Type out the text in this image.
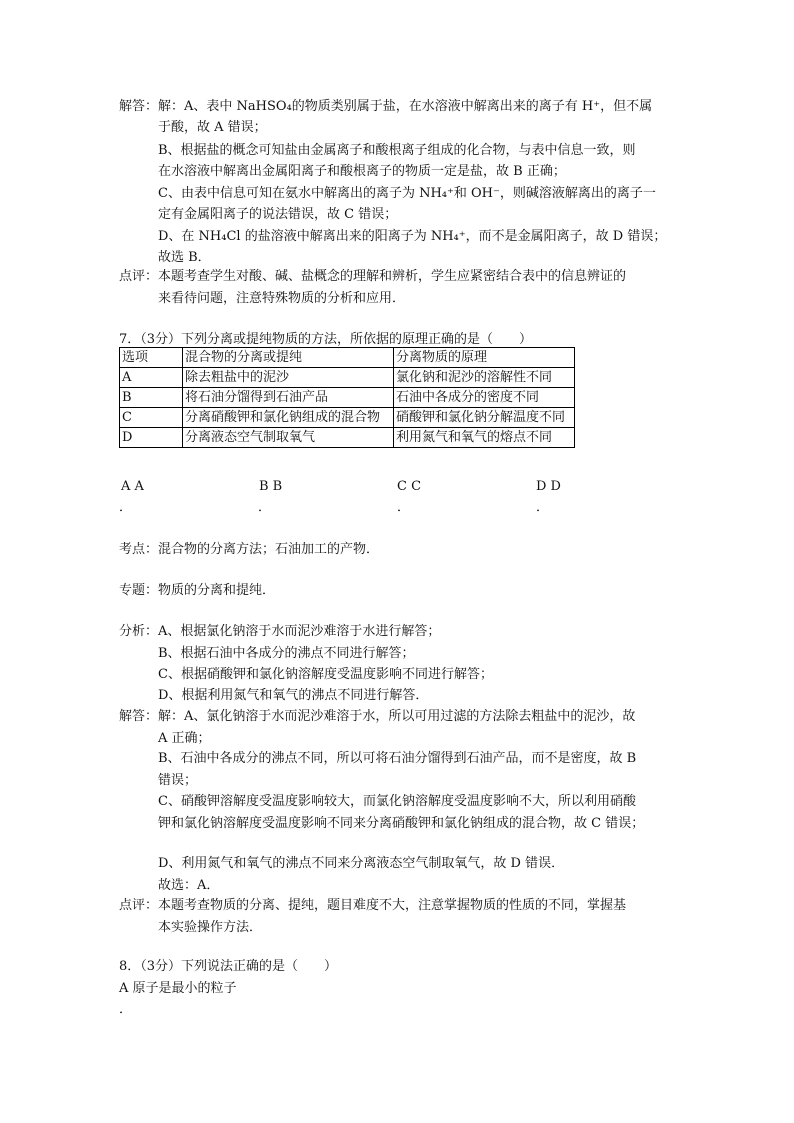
解答： 解：A、表中 NaHSO₄的物质类别属于盐，在水溶液中解离出来的离子有 H⁺，但不属
于酸，故 A 错误；
B、根据盐的概念可知盐由金属离子和酸根离子组成的化合物，与表中信息一致，则
在水溶液中解离出金属阳离子和酸根离子的物质一定是盐，故 B 正确；
C、由表中信息可知在氨水中解离出的离子为 NH₄⁺和 OH⁻，则碱溶液解离出的离子一
定有金属阳离子的说法错误，故 C 错误；
D、在 NH₄Cl 的盐溶液中解离出来的阳离子为 NH₄⁺，而不是金属阳离子，故 D 错误；
故选 B．
点评： 本题考查学生对酸、碱、盐概念的理解和辨析，学生应紧密结合表中的信息辨证的
来看待问题，注意特殊物质的分析和应用．
7．（3分）下列分离或提纯物质的方法，所依据的原理正确的是（　　）
选项	混合物的分离或提纯	分离物质的原理
A	除去粗盐中的泥沙	氯化钠和泥沙的溶解性不同
B	将石油分馏得到石油产品	石油中各成分的密度不同
C	分离硝酸钾和氯化钠组成的混合物	硝酸钾和氯化钠分解温度不同
D	分离液态空气制取氧气	利用氮气和氧气的熔点不同
A A	B B	C C	D D
．	．	．	．
考点： 混合物的分离方法；石油加工的产物．
专题： 物质的分离和提纯．
分析： A、根据氯化钠溶于水而泥沙难溶于水进行解答；
B、根据石油中各成分的沸点不同进行解答；
C、根据硝酸钾和氯化钠溶解度受温度影响不同进行解答；
D、根据利用氮气和氧气的沸点不同进行解答．
解答： 解：A、氯化钠溶于水而泥沙难溶于水，所以可用过滤的方法除去粗盐中的泥沙，故
A 正确；
B、石油中各成分的沸点不同，所以可将石油分馏得到石油产品，而不是密度，故 B
错误；
C、硝酸钾溶解度受温度影响较大，而氯化钠溶解度受温度影响不大，所以利用硝酸
钾和氯化钠溶解度受温度影响不同来分离硝酸钾和氯化钠组成的混合物，故 C 错误；
D、利用氮气和氧气的沸点不同来分离液态空气制取氧气，故 D 错误．
故选：A．
点评： 本题考查物质的分离、提纯，题目难度不大，注意掌握物质的性质的不同，掌握基
本实验操作方法．
8．（3分）下列说法正确的是（　　）
A 原子是最小的粒子
．
